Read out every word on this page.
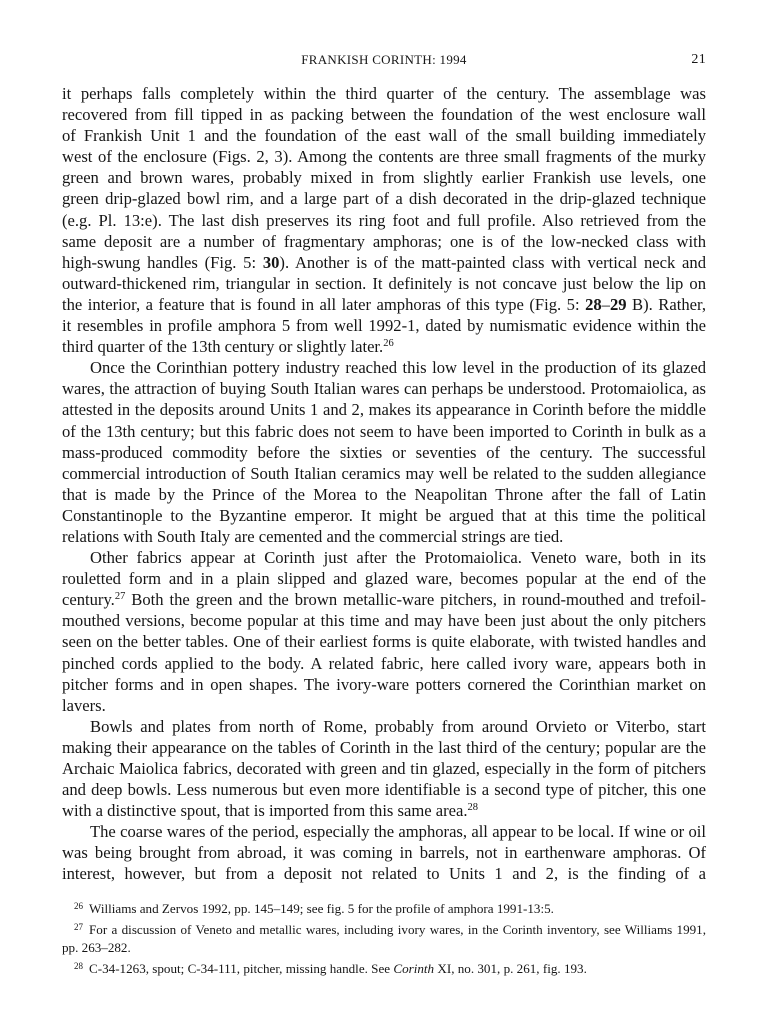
FRANKISH CORINTH: 1994	21

it perhaps falls completely within the third quarter of the century. The assemblage was

recovered from fill tipped in as packing between the foundation of the west enclosure wall

of Frankish Unit 1 and the foundation of the east wall of the small building immediately

west of the enclosure (Figs. 2, 3). Among the contents are three small fragments of the murky

green and brown wares, probably mixed in from slightly earlier Frankish use levels, one

green drip-glazed bowl rim, and a large part of a dish decorated in the drip-glazed technique

(e.g. Pl. 13:e). The last dish preserves its ring foot and full profile. Also retrieved from the

same deposit are a number of fragmentary amphoras; one is of the low-necked class with

high-swung handles (Fig. 5: 30). Another is of the matt-painted class with vertical neck and

outward-thickened rim, triangular in section. It definitely is not concave just below the lip on

the interior, a feature that is found in all later amphoras of this type (Fig. 5: 28–29 B). Rather,

it resembles in profile amphora 5 from well 1992-1, dated by numismatic evidence within the

third quarter of the 13th century or slightly later.$^{26}$

Once the Corinthian pottery industry reached this low level in the production of its glazed wares, the attraction of buying South Italian wares can perhaps be understood. Protomaiolica, as attested in the deposits around Units 1 and 2, makes its appearance in Corinth before the middle of the 13th century; but this fabric does not seem to have been imported to Corinth in bulk as a mass-produced commodity before the sixties or seventies of the century. The successful commercial introduction of South Italian ceramics may well be related to the sudden allegiance that is made by the Prince of the Morea to the Neapolitan Throne after the fall of Latin Constantinople to the Byzantine emperor. It might be argued that at this time the political relations with South Italy are cemented and the commercial strings are tied.

Other fabrics appear at Corinth just after the Protomaiolica. Veneto ware, both in its rouletted form and in a plain slipped and glazed ware, becomes popular at the end of the century.$^{27}$ Both the green and the brown metallic-ware pitchers, in round-mouthed and trefoil-mouthed versions, become popular at this time and may have been just about the only pitchers seen on the better tables. One of their earliest forms is quite elaborate, with twisted handles and pinched cords applied to the body. A related fabric, here called ivory ware, appears both in pitcher forms and in open shapes. The ivory-ware potters cornered the Corinthian market on lavers.

Bowls and plates from north of Rome, probably from around Orvieto or Viterbo, start making their appearance on the tables of Corinth in the last third of the century; popular are the Archaic Maiolica fabrics, decorated with green and tin glazed, especially in the form of pitchers and deep bowls. Less numerous but even more identifiable is a second type of pitcher, this one with a distinctive spout, that is imported from this same area.$^{28}$

The coarse wares of the period, especially the amphoras, all appear to be local. If wine or oil was being brought from abroad, it was coming in barrels, not in earthenware amphoras. Of interest, however, but from a deposit not related to Units 1 and 2, is the finding of a

$^{26}$ Williams and Zervos 1992, pp. 145–149; see fig. 5 for the profile of amphora 1991-13:5.

$^{27}$ For a discussion of Veneto and metallic wares, including ivory wares, in the Corinth inventory, see Williams 1991, pp. 263–282.

$^{28}$ C-34-1263, spout; C-34-111, pitcher, missing handle. See Corinth XI, no. 301, p. 261, fig. 193.
